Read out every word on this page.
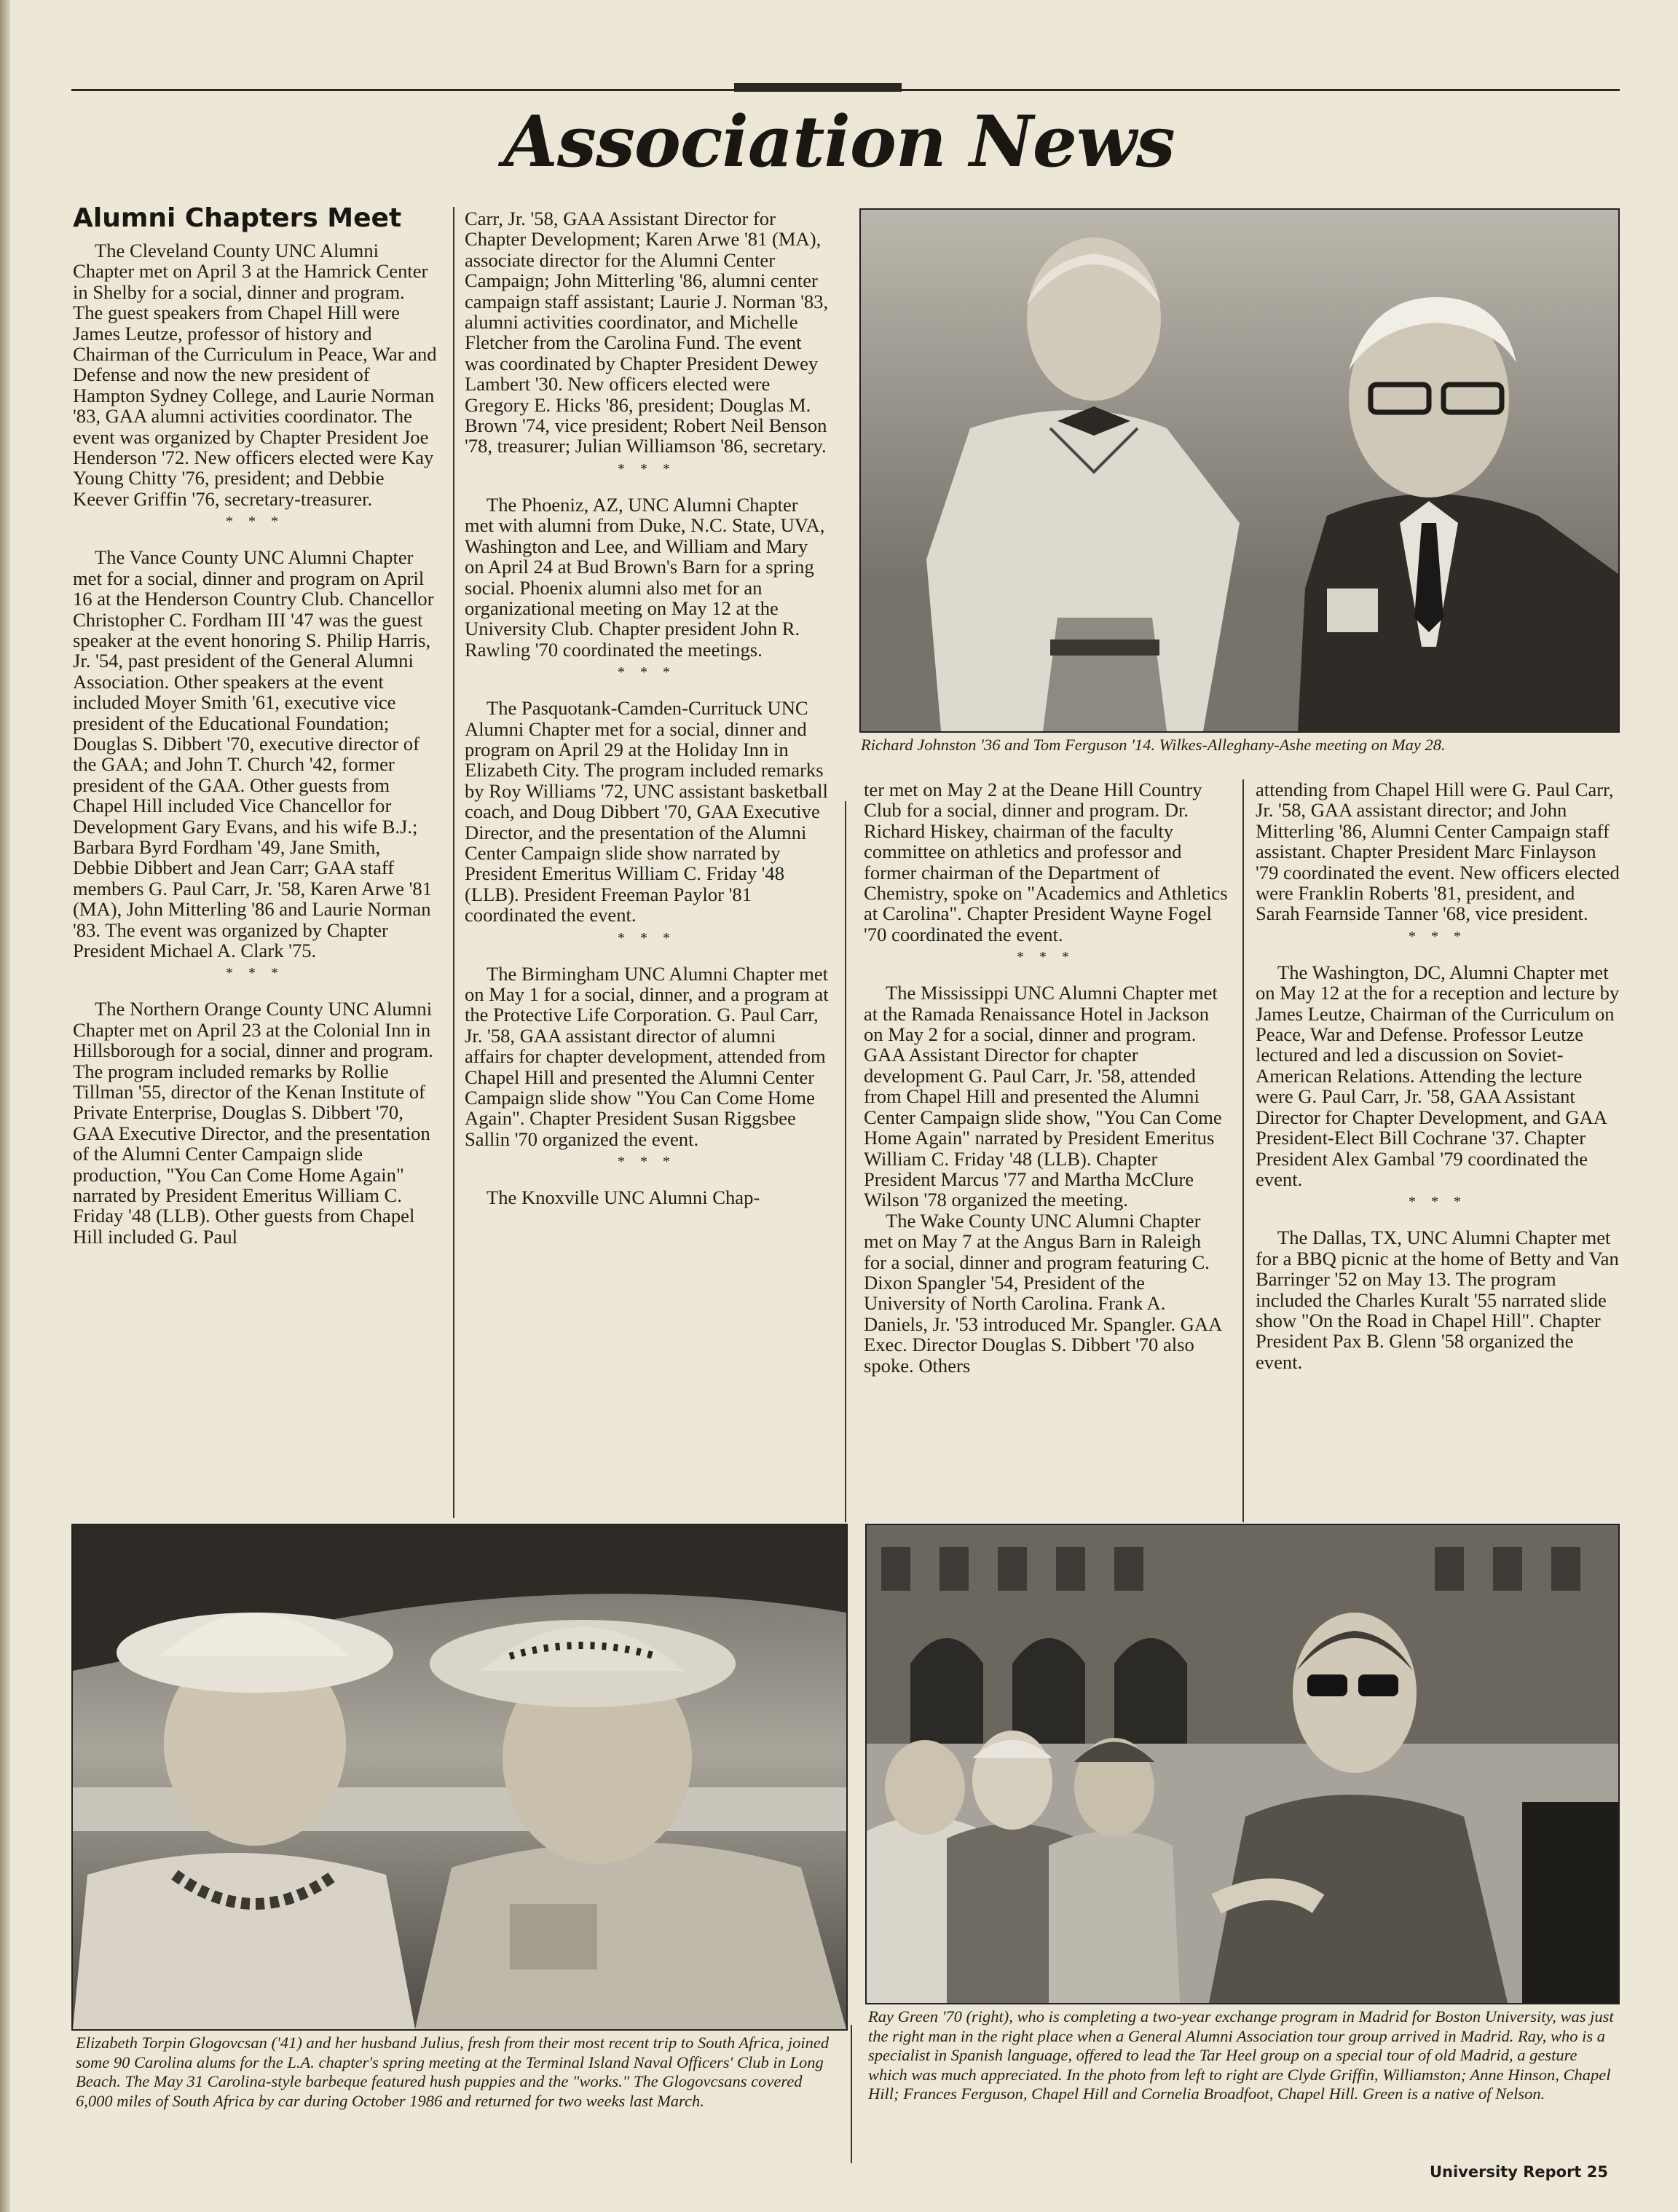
Association News
Alumni Chapters Meet

The Cleveland County UNC Alumni Chapter met on April 3 at the Hamrick Center in Shelby for a social, dinner and program. The guest speakers from Chapel Hill were James Leutze, professor of history and Chairman of the Curriculum in Peace, War and Defense and now the new president of Hampton Sydney College, and Laurie Norman '83, GAA alumni activities coordinator. The event was organized by Chapter President Joe Henderson '72. New officers elected were Kay Young Chitty '76, president; and Debbie Keever Griffin '76, secretary-treasurer.

* * *

The Vance County UNC Alumni Chapter met for a social, dinner and program on April 16 at the Henderson Country Club. Chancellor Christopher C. Fordham III '47 was the guest speaker at the event honoring S. Philip Harris, Jr. '54, past president of the General Alumni Association. Other speakers at the event included Moyer Smith '61, executive vice president of the Educational Foundation; Douglas S. Dibbert '70, executive director of the GAA; and John T. Church '42, former president of the GAA. Other guests from Chapel Hill included Vice Chancellor for Development Gary Evans, and his wife B.J.; Barbara Byrd Fordham '49, Jane Smith, Debbie Dibbert and Jean Carr; GAA staff members G. Paul Carr, Jr. '58, Karen Arwe '81 (MA), John Mitterling '86 and Laurie Norman '83. The event was organized by Chapter President Michael A. Clark '75.

* * *

The Northern Orange County UNC Alumni Chapter met on April 23 at the Colonial Inn in Hillsborough for a social, dinner and program. The program included remarks by Rollie Tillman '55, director of the Kenan Institute of Private Enterprise, Douglas S. Dibbert '70, GAA Executive Director, and the presentation of the Alumni Center Campaign slide production, "You Can Come Home Again" narrated by President Emeritus William C. Friday '48 (LLB). Other guests from Chapel Hill included G. Paul

Carr, Jr. '58, GAA Assistant Director for Chapter Development; Karen Arwe '81 (MA), associate director for the Alumni Center Campaign; John Mitterling '86, alumni center campaign staff assistant; Laurie J. Norman '83, alumni activities coordinator, and Michelle Fletcher from the Carolina Fund. The event was coordinated by Chapter President Dewey Lambert '30. New officers elected were Gregory E. Hicks '86, president; Douglas M. Brown '74, vice president; Robert Neil Benson '78, treasurer; Julian Williamson '86, secretary.

* * *

The Phoeniz, AZ, UNC Alumni Chapter met with alumni from Duke, N.C. State, UVA, Washington and Lee, and William and Mary on April 24 at Bud Brown's Barn for a spring social. Phoenix alumni also met for an organizational meeting on May 12 at the University Club. Chapter president John R. Rawling '70 coordinated the meetings.

* * *

The Pasquotank-Camden-Currituck UNC Alumni Chapter met for a social, dinner and program on April 29 at the Holiday Inn in Elizabeth City. The program included remarks by Roy Williams '72, UNC assistant basketball coach, and Doug Dibbert '70, GAA Executive Director, and the presentation of the Alumni Center Campaign slide show narrated by President Emeritus William C. Friday '48 (LLB). President Freeman Paylor '81 coordinated the event.

* * *

The Birmingham UNC Alumni Chapter met on May 1 for a social, dinner, and a program at the Protective Life Corporation. G. Paul Carr, Jr. '58, GAA assistant director of alumni affairs for chapter development, attended from Chapel Hill and presented the Alumni Center Campaign slide show "You Can Come Home Again". Chapter President Susan Riggsbee Sallin '70 organized the event.

* * *

The Knoxville UNC Alumni Chap-

Richard Johnston '36 and Tom Ferguson '14. Wilkes-Alleghany-Ashe meeting on May 28.

ter met on May 2 at the Deane Hill Country Club for a social, dinner and program. Dr. Richard Hiskey, chairman of the faculty committee on athletics and professor and former chairman of the Department of Chemistry, spoke on "Academics and Athletics at Carolina". Chapter President Wayne Fogel '70 coordinated the event.

* * *

The Mississippi UNC Alumni Chapter met at the Ramada Renaissance Hotel in Jackson on May 2 for a social, dinner and program. GAA Assistant Director for chapter development G. Paul Carr, Jr. '58, attended from Chapel Hill and presented the Alumni Center Campaign slide show, "You Can Come Home Again" narrated by President Emeritus William C. Friday '48 (LLB). Chapter President Marcus '77 and Martha McClure Wilson '78 organized the meeting.

The Wake County UNC Alumni Chapter met on May 7 at the Angus Barn in Raleigh for a social, dinner and program featuring C. Dixon Spangler '54, President of the University of North Carolina. Frank A. Daniels, Jr. '53 introduced Mr. Spangler. GAA Exec. Director Douglas S. Dibbert '70 also spoke. Others

attending from Chapel Hill were G. Paul Carr, Jr. '58, GAA assistant director; and John Mitterling '86, Alumni Center Campaign staff assistant. Chapter President Marc Finlayson '79 coordinated the event. New officers elected were Franklin Roberts '81, president, and Sarah Fearnside Tanner '68, vice president.

* * *

The Washington, DC, Alumni Chapter met on May 12 at the for a reception and lecture by James Leutze, Chairman of the Curriculum on Peace, War and Defense. Professor Leutze lectured and led a discussion on Soviet-American Relations. Attending the lecture were G. Paul Carr, Jr. '58, GAA Assistant Director for Chapter Development, and GAA President-Elect Bill Cochrane '37. Chapter President Alex Gambal '79 coordinated the event.

* * *

The Dallas, TX, UNC Alumni Chapter met for a BBQ picnic at the home of Betty and Van Barringer '52 on May 13. The program included the Charles Kuralt '55 narrated slide show "On the Road in Chapel Hill". Chapter President Pax B. Glenn '58 organized the event.

Elizabeth Torpin Glogovcsan ('41) and her husband Julius, fresh from their most recent trip to South Africa, joined some 90 Carolina alums for the L.A. chapter's spring meeting at the Terminal Island Naval Officers' Club in Long Beach. The May 31 Carolina-style barbeque featured hush puppies and the "works." The Glogovcsans covered 6,000 miles of South Africa by car during October 1986 and returned for two weeks last March.
Ray Green '70 (right), who is completing a two-year exchange program in Madrid for Boston University, was just the right man in the right place when a General Alumni Association tour group arrived in Madrid. Ray, who is a specialist in Spanish language, offered to lead the Tar Heel group on a special tour of old Madrid, a gesture which was much appreciated. In the photo from left to right are Clyde Griffin, Williamston; Anne Hinson, Chapel Hill; Frances Ferguson, Chapel Hill and Cornelia Broadfoot, Chapel Hill. Green is a native of Nelson.
University Report 25
